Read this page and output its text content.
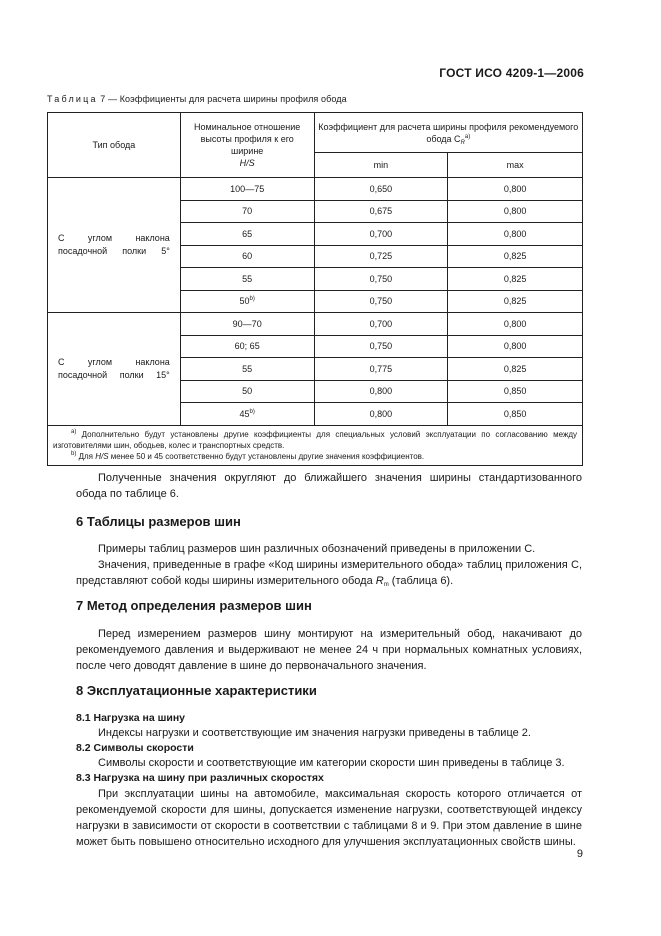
ГОСТ ИСО 4209-1—2006
Таблица 7 — Коэффициенты для расчета ширины профиля обода
Тип обода	Номинальное отношение
высоты профиля к его ширине
H/S	Коэффициент для расчета ширины профиля рекомендуемого обода $C_R^{a)}$
		min	max
С углом наклона посадочной полки 5°	100—75	0,650	0,800
	70	0,675	0,800
	65	0,700	0,800
	60	0,725	0,825
	55	0,750	0,825
	50$^{b)}$	0,750	0,825
С углом наклона посадочной полки 15°	90—70	0,700	0,800
	60; 65	0,750	0,800
	55	0,775	0,825
	50	0,800	0,850
	45$^{b)}$	0,800	0,850

$^{a)}$ Дополнительно будут установлены другие коэффициенты для специальных условий эксплуатации по согласованию между изготовителями шин, ободьев, колес и транспортных средств.
$^{b)}$ Для H/S менее 50 и 45 соответственно будут установлены другие значения коэффициентов.			

Полученные значения округляют до ближайшего значения ширины стандартизованного обода по таблице 6.

6 Таблицы размеров шин

Примеры таблиц размеров шин различных обозначений приведены в приложении С.

Значения, приведенные в графе «Код ширины измерительного обода» таблиц приложения С, представляют собой коды ширины измерительного обода $R_m$ (таблица 6).

7 Метод определения размеров шин

Перед измерением размеров шину монтируют на измерительный обод, накачивают до рекомендуемого давления и выдерживают не менее 24 ч при нормальных комнатных условиях, после чего доводят давление в шине до первоначального значения.

8 Эксплуатационные характеристики

8.1 Нагрузка на шину

Индексы нагрузки и соответствующие им значения нагрузки приведены в таблице 2.

8.2 Символы скорости

Символы скорости и соответствующие им категории скорости шин приведены в таблице 3.

8.3 Нагрузка на шину при различных скоростях

При эксплуатации шины на автомобиле, максимальная скорость которого отличается от рекомендуемой скорости для шины, допускается изменение нагрузки, соответствующей индексу нагрузки в зависимости от скорости в соответствии с таблицами 8 и 9. При этом давление в шине может быть повышено относительно исходного для улучшения эксплуатационных свойств шины.

9
